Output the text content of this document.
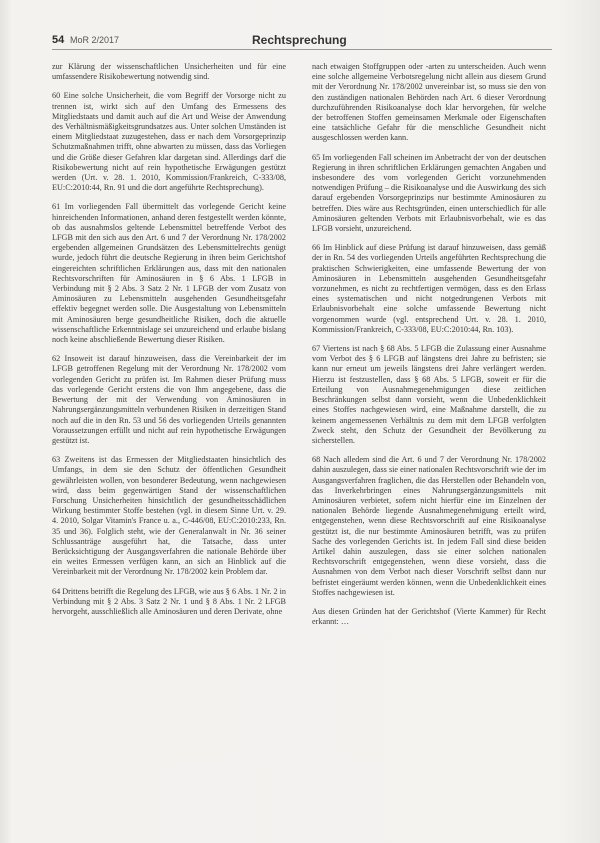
54 MoR 2/2017	Rechtsprechung

zur Klärung der wissenschaftlichen Unsicherheiten und für eine umfassendere Risikobewertung notwendig sind.

60 Eine solche Unsicherheit, die vom Begriff der Vorsorge nicht zu trennen ist, wirkt sich auf den Umfang des Ermessens des Mitgliedstaats und damit auch auf die Art und Weise der Anwendung des Verhältnismäßigkeitsgrundsatzes aus. Unter solchen Umständen ist einem Mitgliedstaat zuzugestehen, dass er nach dem Vorsorgeprinzip Schutzmaßnahmen trifft, ohne abwarten zu müssen, dass das Vorliegen und die Größe dieser Gefahren klar dargetan sind. Allerdings darf die Risikobewertung nicht auf rein hypothetische Erwägungen gestützt werden (Urt. v. 28. 1. 2010, Kommission/Frankreich, C-333/08, EU:C:2010:44, Rn. 91 und die dort angeführte Rechtsprechung).

61 Im vorliegenden Fall übermittelt das vorlegende Gericht keine hinreichenden Informationen, anhand deren festgestellt werden könnte, ob das ausnahmslos geltende Lebensmittel betreffende Verbot des LFGB mit den sich aus den Art. 6 und 7 der Verordnung Nr. 178/2002 ergebenden allgemeinen Grundsätzen des Lebensmittelrechts genügt wurde, jedoch führt die deutsche Regierung in ihren beim Gerichtshof eingereichten schriftlichen Erklärungen aus, dass mit den nationalen Rechtsvorschriften für Aminosäuren in § 6 Abs. 1 LFGB in Verbindung mit § 2 Abs. 3 Satz 2 Nr. 1 LFGB der vom Zusatz von Aminosäuren zu Lebensmitteln ausgehenden Gesundheitsgefahr effektiv begegnet werden solle. Die Ausgestaltung von Lebensmitteln mit Aminosäuren berge gesundheitliche Risiken, doch die aktuelle wissenschaftliche Erkenntnislage sei unzureichend und erlaube bislang noch keine abschließende Bewertung dieser Risiken.

62 Insoweit ist darauf hinzuweisen, dass die Vereinbarkeit der im LFGB getroffenen Regelung mit der Verordnung Nr. 178/2002 vom vorlegenden Gericht zu prüfen ist. Im Rahmen dieser Prüfung muss das vorlegende Gericht erstens die von Ihm angegebene, dass die Bewertung der mit der Verwendung von Aminosäuren in Nahrungsergänzungsmitteln verbundenen Risiken in derzeitigen Stand noch auf die in den Rn. 53 und 56 des vorliegenden Urteils genannten Voraussetzungen erfüllt und nicht auf rein hypothetische Erwägungen gestützt ist.

63 Zweitens ist das Ermessen der Mitgliedstaaten hinsichtlich des Umfangs, in dem sie den Schutz der öffentlichen Gesundheit gewährleisten wollen, von besonderer Bedeutung, wenn nachgewiesen wird, dass beim gegenwärtigen Stand der wissenschaftlichen Forschung Unsicherheiten hinsichtlich der gesundheitsschädlichen Wirkung bestimmter Stoffe bestehen (vgl. in diesem Sinne Urt. v. 29. 4. 2010, Solgar Vitamin's France u. a., C-446/08, EU:C:2010:233, Rn. 35 und 36). Folglich steht, wie der Generalanwalt in Nr. 36 seiner Schlussanträge ausgeführt hat, die Tatsache, dass unter Berücksichtigung der Ausgangsverfahren die nationale Behörde über ein weites Ermessen verfügen kann, an sich an Hinblick auf die Vereinbarkeit mit der Verordnung Nr. 178/2002 kein Problem dar.

64 Drittens betrifft die Regelung des LFGB, wie aus § 6 Abs. 1 Nr. 2 in Verbindung mit § 2 Abs. 3 Satz 2 Nr. 1 und § 8 Abs. 1 Nr. 2 LFGB hervorgeht, ausschließlich alle Aminosäuren und deren Derivate, ohne

nach etwaigen Stoffgruppen oder -arten zu unterscheiden. Auch wenn eine solche allgemeine Verbotsregelung nicht allein aus diesem Grund mit der Verordnung Nr. 178/2002 unvereinbar ist, so muss sie den von den zuständigen nationalen Behörden nach Art. 6 dieser Verordnung durchzuführenden Risikoanalyse doch klar hervorgehen, für welche der betroffenen Stoffen gemeinsamen Merkmale oder Eigenschaften eine tatsächliche Gefahr für die menschliche Gesundheit nicht ausgeschlossen werden kann.

65 Im vorliegenden Fall scheinen im Anbetracht der von der deutschen Regierung in ihren schriftlichen Erklärungen gemachten Angaben und insbesondere des vom vorlegenden Gericht vorzunehmenden notwendigen Prüfung – die Risikoanalyse und die Auswirkung des sich darauf ergebenden Vorsorgeprinzips nur bestimmte Aminosäuren zu betreffen. Dies wäre aus Rechtsgründen, einen unterschiedlich für alle Aminosäuren geltenden Verbots mit Erlaubnisvorbehalt, wie es das LFGB vorsieht, unzureichend.

66 Im Hinblick auf diese Prüfung ist darauf hinzuweisen, dass gemäß der in Rn. 54 des vorliegenden Urteils angeführten Rechtsprechung die praktischen Schwierigkeiten, eine umfassende Bewertung der von Aminosäuren in Lebensmitteln ausgehenden Gesundheitsgefahr vorzunehmen, es nicht zu rechtfertigen vermögen, dass es den Erlass eines systematischen und nicht notgedrungenen Verbots mit Erlaubnisvorbehalt eine solche umfassende Bewertung nicht vorgenommen wurde (vgl. entsprechend Urt. v. 28. 1. 2010, Kommission/Frankreich, C-333/08, EU:C:2010:44, Rn. 103).

67 Viertens ist nach § 68 Abs. 5 LFGB die Zulassung einer Ausnahme vom Verbot des § 6 LFGB auf längstens drei Jahre zu befristen; sie kann nur erneut um jeweils längstens drei Jahre verlängert werden. Hierzu ist festzustellen, dass § 68 Abs. 5 LFGB, soweit er für die Erteilung von Ausnahmegenehmigungen diese zeitlichen Beschränkungen selbst dann vorsieht, wenn die Unbedenklichkeit eines Stoffes nachgewiesen wird, eine Maßnahme darstellt, die zu keinem angemessenen Verhältnis zu dem mit dem LFGB verfolgten Zweck steht, den Schutz der Gesundheit der Bevölkerung zu sicherstellen.

68 Nach alledem sind die Art. 6 und 7 der Verordnung Nr. 178/2002 dahin auszulegen, dass sie einer nationalen Rechtsvorschrift wie der im Ausgangsverfahren fraglichen, die das Herstellen oder Behandeln von, das Inverkehrbringen eines Nahrungsergänzungsmittels mit Aminosäuren verbietet, sofern nicht hierfür eine im Einzelnen der nationalen Behörde liegende Ausnahmegenehmigung erteilt wird, entgegenstehen, wenn diese Rechtsvorschrift auf eine Risikoanalyse gestützt ist, die nur bestimmte Aminosäuren betrifft, was zu prüfen Sache des vorlegenden Gerichts ist. In jedem Fall sind diese beiden Artikel dahin auszulegen, dass sie einer solchen nationalen Rechtsvorschrift entgegenstehen, wenn diese vorsieht, dass die Ausnahmen von dem Verbot nach dieser Vorschrift selbst dann nur befristet eingeräumt werden können, wenn die Unbedenklichkeit eines Stoffes nachgewiesen ist.

Aus diesen Gründen hat der Gerichtshof (Vierte Kammer) für Recht erkannt: …
